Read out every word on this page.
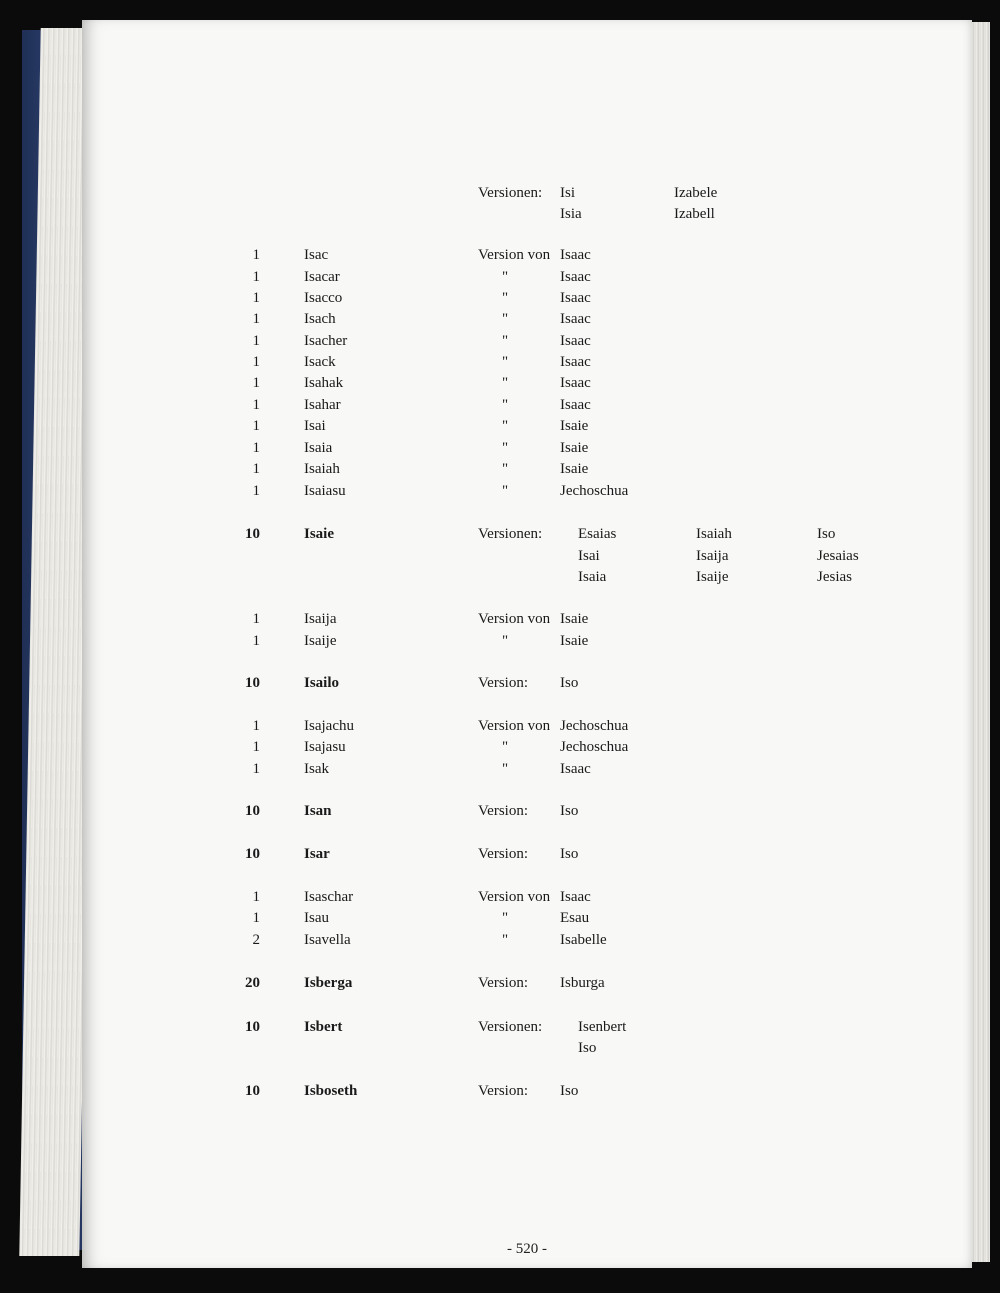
- 520 -
Versionen: Isi	Izabele
Isia	Izabell
1	Isac	Version von Isaac
1	Isacar	"	Isaac
1	Isacco	"	Isaac
1	Isach	"	Isaac
1	Isacher	"	Isaac
1	Isack	"	Isaac
1	Isahak	"	Isaac
1	Isahar	"	Isaac
1	Isai	"	Isaie
1	Isaia	"	Isaie
1	Isaiah	"	Isaie
1	Isaiasu	"	Jechoschua
10	Isaie	Versionen: Esaias	Isaiah	Iso
Isai	Isaija	Jesaias
Isaia	Isaije	Jesias
1	Isaija	Version von Isaie
1	Isaije	"	Isaie
10	Isailo	Version: Iso
1	Isajachu	Version von Jechoschua
1	Isajasu	"	Jechoschua
1	Isak	"	Isaac
10	Isan	Version: Iso
10	Isar	Version: Iso
1	Isaschar	Version von Isaac
1	Isau	"	Esau
2	Isavella	"	Isabelle
20	Isberga	Version: Isburga
10	Isbert	Versionen: Isenbert
Iso
10	Isboseth	Version: Iso
